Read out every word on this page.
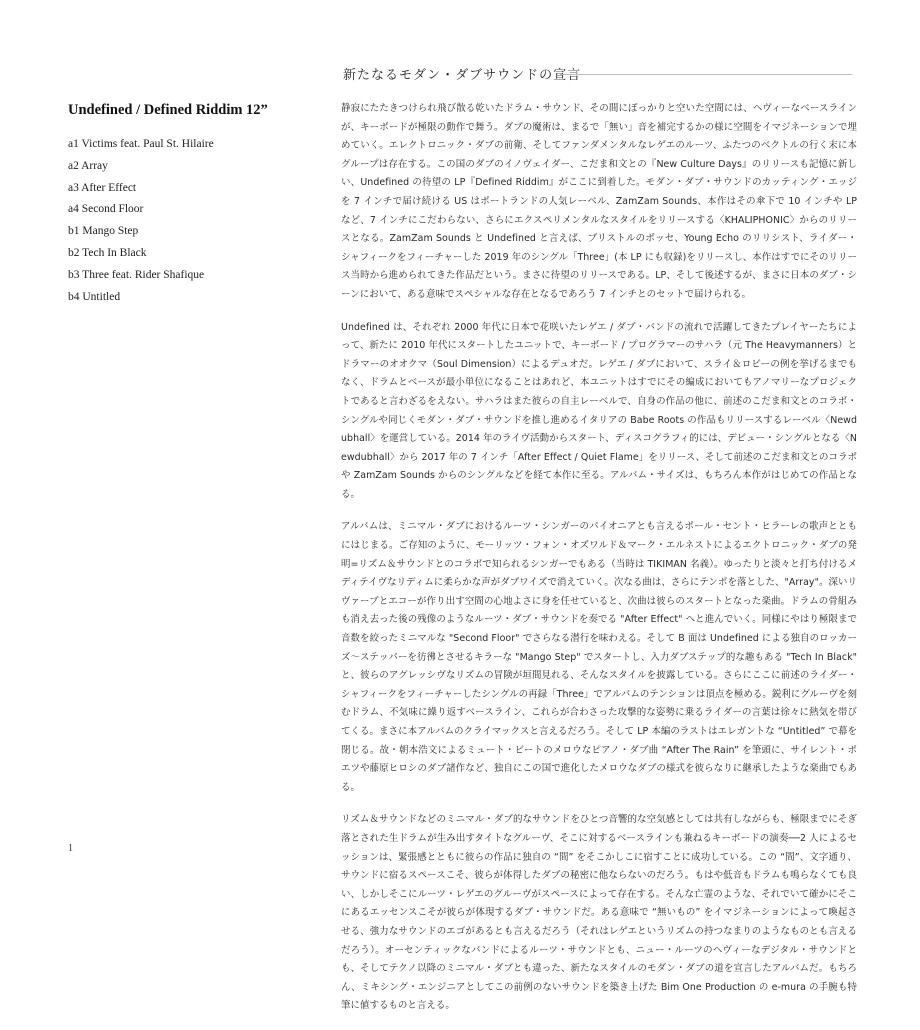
新たなるモダン・ダブサウンドの宣言
Undefined / Defined Riddim 12”
a1 Victims feat. Paul St. Hilaire
a2 Array
a3 After Effect
a4 Second Floor
b1 Mango Step
b2 Tech In Black
b3 Three feat. Rider Shafique
b4 Untitled

静寂にたたきつけられ飛び散る乾いたドラム・サウンド、その間にぽっかりと空いた空間には、ヘヴィーなベースラインが、キーボードが極限の動作で舞う。ダブの魔術は、まるで「無い」音を補完するかの様に空間をイマジネーションで埋めていく。エレクトロニック・ダブの前衛、そしてファンダメンタルなレゲエのルーツ、ふたつのベクトルの行く末に本グループは存在する。この国のダブのイノヴェイダー、こだま和文との『New Culture Days』のリリースも記憶に新しい、Undefined の待望の LP『Defined Riddim』がここに到着した。モダン・ダブ・サウンドのカッティング・エッジを 7 インチで届け続ける US はポートランドの人気レーベル、ZamZam Sounds、本作はその傘下で 10 インチや LP など、7 インチにこだわらない、さらにエクスペリメンタルなスタイルをリリースする〈KHALIPHONIC〉からのリリースとなる。ZamZam Sounds と Undefined と言えば、ブリストルのボッセ、Young Echo のリリシスト、ライダー・シャフィークをフィーチャーした 2019 年のシングル「Three」(本 LP にも収録)をリリースし、本作はすでにそのリリース当時から進められてきた作品だという。まさに待望のリリースである。LP、そして後述するが、まさに日本のダブ・シーンにおいて、ある意味でスペシャルな存在となるであろう 7 インチとのセットで届けられる。

Undefined は、それぞれ 2000 年代に日本で花咲いたレゲエ / ダブ・バンドの流れで活躍してきたプレイヤーたちによって、新たに 2010 年代にスタートしたユニットで、キーボード / プログラマーのサハラ（元 The Heavymanners）とドラマーのオオクマ（Soul Dimension）によるデュオだ。レゲエ / ダブにおいて、スライ＆ロビーの例を挙げるまでもなく、ドラムとベースが最小単位になることはあれど、本ユニットはすでにその編成においてもアノマリーなプロジェクトであると言わざるをえない。サハラはまた彼らの自主レーベルで、自身の作品の他に、前述のこだま和文とのコラボ・シングルや同じくモダン・ダブ・サウンドを推し進めるイタリアの Babe Roots の作品もリリースするレーベル〈Newdubhall〉を運営している。2014 年のライヴ活動からスタート、ディスコグラフィ的には、デビュー・シングルとなる〈Newdubhall〉から 2017 年の 7 インチ「After Effect / Quiet Flame」をリリース、そして前述のこだま和文とのコラボや ZamZam Sounds からのシングルなどを経て本作に至る。アルバム・サイズは、もちろん本作がはじめての作品となる。

アルバムは、ミニマル・ダブにおけるルーツ・シンガーのパイオニアとも言えるポール・セント・ヒラーレの歌声とともにはじまる。ご存知のように、モーリッツ・フォン・オズワルド＆マーク・エルネストによるエクトロニック・ダブの発明=リズム＆サウンドとのコラボで知られるシンガーでもある（当時は TIKIMAN 名義）。ゆったりと淡々と打ち付けるメディテイヴなリディムに柔らかな声がダブワイズで消えていく。次なる曲は、さらにテンポを落とした、"Array"。深いリヴァーブとエコーが作り出す空間の心地よさに身を任せていると、次曲は彼らのスタートとなった楽曲。ドラムの骨組みも消え去った後の残像のようなルーツ・ダブ・サウンドを奏でる "After Effect" へと進んでいく。同様にやはり極限まで音数を絞ったミニマルな "Second Floor" でさらなる潜行を味わえる。そして B 面は Undefined による独自のロッカーズ〜ステッパーを彷彿とさせるキラーな "Mango Step" でスタートし、入力ダブステップ的な趣もある "Tech In Black" と、彼らのアグレッシヴなリズムの冒険が垣間見れる、そんなスタイルを披露している。さらにここに前述のライダー・シャフィークをフィーチャーしたシングルの再録「Three」でアルバムのテンションは頂点を極める。鋭利にグルーヴを刻むドラム、不気味に繰り返すベースライン、これらが合わさった攻撃的な姿勢に乗るライダーの言葉は徐々に熱気を帯びてくる。まさに本アルバムのクライマックスと言えるだろう。そして LP 本編のラストはエレガントな “Untitled” で幕を閉じる。故・朝本浩文によるミュート・ビートのメロウなピアノ・ダブ曲 “After The Rain” を筆頭に、サイレント・ポエツや藤原ヒロシのダブ諸作など、独自にこの国で進化したメロウなダブの様式を彼らなりに継承したような楽曲でもある。

リズム＆サウンドなどのミニマル・ダブ的なサウンドをひとつ音響的な空気感としては共有しながらも、極限までにそぎ落とされた生ドラムが生み出すタイトなグルーヴ、そこに対するベースラインも兼ねるキーボードの演奏──2 人によるセッションは、緊張感とともに彼らの作品に独自の “間” をそこかしこに宿すことに成功している。この “間”、文字通り、サウンドに宿るスペースこそ、彼らが体得したダブの秘密に他ならないのだろう。もはや低音もドラムも鳴らなくても良い、しかしそこにルーツ・レゲエのグルーヴがスペースによって存在する。そんな亡霊のような、それでいて確かにそこにあるエッセンスこそが彼らが体現するダブ・サウンドだ。ある意味で “無いもの” をイマジネーションによって喚起させる、強力なサウンドのエゴがあるとも言えるだろう（それはレゲエというリズムの持つなまりのようなものとも言えるだろう）。オーセンティックなバンドによるルーツ・サウンドとも、ニュー・ルーツのヘヴィーなデジタル・サウンドとも、そしてテクノ以降のミニマル・ダブとも違った、新たなスタイルのモダン・ダブの道を宣言したアルバムだ。もちろん、ミキシング・エンジニアとしてこの前例のないサウンドを築き上げた Bim One Production の e-mura の手腕も特筆に値するものと言える。

1
